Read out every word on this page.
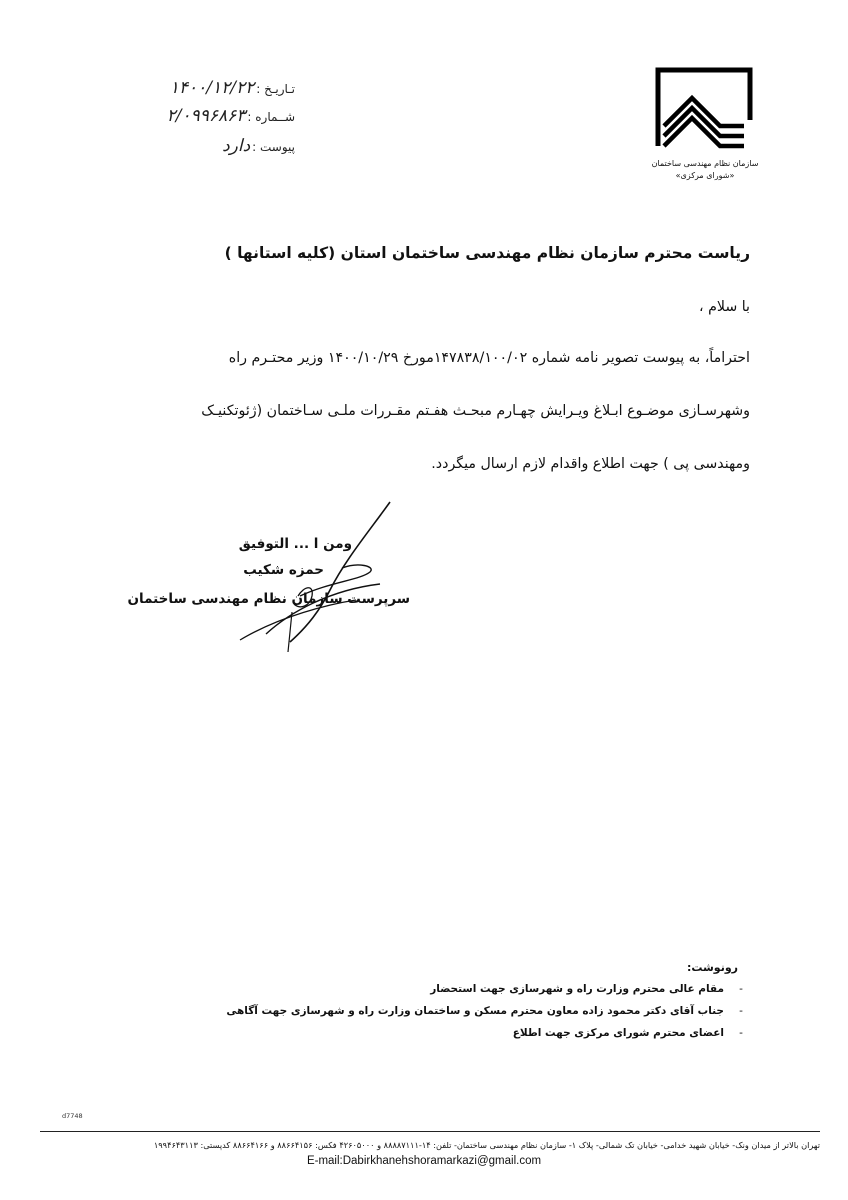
تـاریـخ :۱۴۰۰/۱۲/۲۲
شــماره :۲/۰۹۹۶۸۶۳
پیوست :دارد
سازمان نظام مهندسی ساختمان
«شورای مرکزی»
ریاست محترم سازمان نظام مهندسی ساختمان استان (کلیه استانها )
با سلام ،
احتراماً، به پیوست تصویر نامه شماره ۱۴۷۸۳۸/۱۰۰/۰۲مورخ ۱۴۰۰/۱۰/۲۹ وزیر محتـرم راه
وشهرسـازی موضـوع ابـلاغ ویـرایش چهـارم مبحـث هفـتم مقـررات ملـی سـاختمان (ژئوتکنیـک
ومهندسی پی ) جهت اطلاع واقدام لازم ارسال میگردد.
ومن ا ... التوفیق
حمزه شکیب
سرپرست سازمان نظام مهندسی ساختمان
رونوشت:
-مقام عالی محترم وزارت راه و شهرسازی جهت استحضار
-جناب آقای دکتر محمود زاده معاون محترم مسکن و ساختمان وزارت راه و شهرسازی جهت آگاهی
-اعضای محترم شورای مرکزی جهت اطلاع
d7748
تهران بالاتر از میدان ونک- خیابان شهید خدامی- خیابان تک شمالی- پلاک ۱- سازمان نظام مهندسی ساختمان- تلفن: ۱۴-۸۸۸۸۷۱۱۱ و ۴۲۶۰۵۰۰۰ فکس: ۸۸۶۶۴۱۵۶ و ۸۸۶۶۴۱۶۶ کدپستی: ۱۹۹۴۶۴۳۱۱۳
E-mail:Dabirkhanehshoramarkazi@gmail.com
